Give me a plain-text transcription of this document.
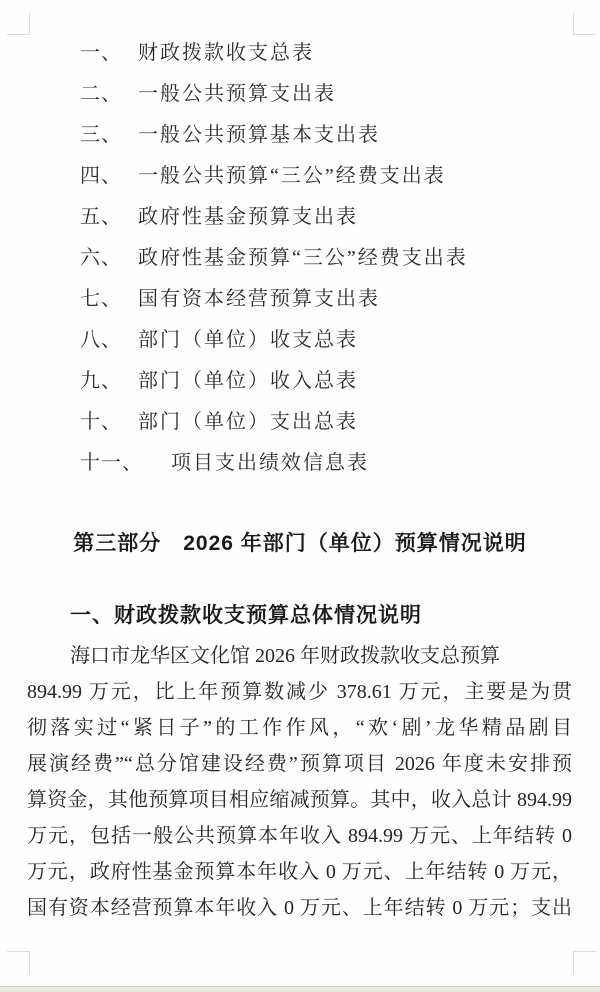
一、 财政拨款收支总表
二、 一般公共预算支出表
三、 一般公共预算基本支出表
四、 一般公共预算“三公”经费支出表
五、 政府性基金预算支出表
六、 政府性基金预算“三公”经费支出表
七、 国有资本经营预算支出表
八、 部门（单位）收支总表
九、 部门（单位）收入总表
十、 部门（单位）支出总表
十一、 项目支出绩效信息表
第三部分　2026 年部门（单位）预算情况说明
一、财政拨款收支预算总体情况说明
海口市龙华区文化馆 2026 年财政拨款收支总预算
894.99 万元，比上年预算数减少 378.61 万元，主要是为贯
彻落实过“紧日子”的工作作风，“欢‘剧’龙华精品剧目
展演经费”“总分馆建设经费”预算项目 2026 年度未安排预
算资金，其他预算项目相应缩减预算。其中，收入总计 894.99
万元，包括一般公共预算本年收入 894.99 万元、上年结转 0
万元，政府性基金预算本年收入 0 万元、上年结转 0 万元，
国有资本经营预算本年收入 0 万元、上年结转 0 万元；支出
